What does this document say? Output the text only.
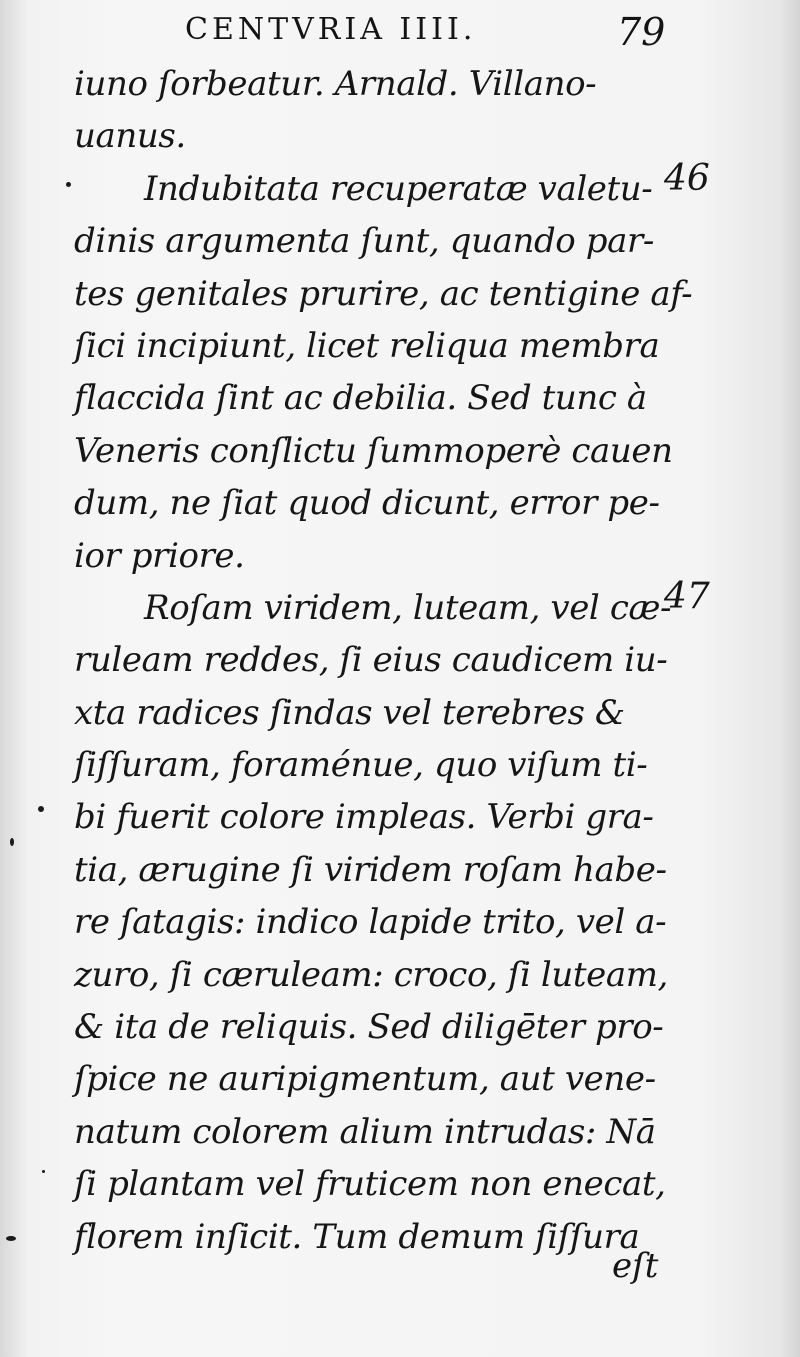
CENTVRIA IIII.	79
iuno ſorbeatur. Arnald. Villano-
uanus.
Indubitata recuperatæ valetu-
dinis argumenta ſunt, quando par-
tes genitales prurire, ac tentigine af-
ſici incipiunt, licet reliqua membra
flaccida ſint ac debilia. Sed tunc à
Veneris conſlictu ſummoperè cauen
dum, ne ſiat quod dicunt, error pe-
ior priore.
Roſam viridem, luteam, vel cæ-
ruleam reddes, ſi eius caudicem iu-
xta radices ſindas vel terebres &
ſiſſuram, foraménue, quo viſum ti-
bi fuerit colore impleas. Verbi gra-
tia, ærugine ſi viridem roſam habe-
re ſatagis: indico lapide trito, vel a-
zuro, ſi cæruleam: croco, ſi luteam,
& ita de reliquis. Sed diligēter pro-
ſpice ne auripigmentum, aut vene-
natum colorem alium intrudas: Nā
ſi plantam vel fruticem non enecat,
florem inſicit. Tum demum ſiſſura
46
47
eſt
